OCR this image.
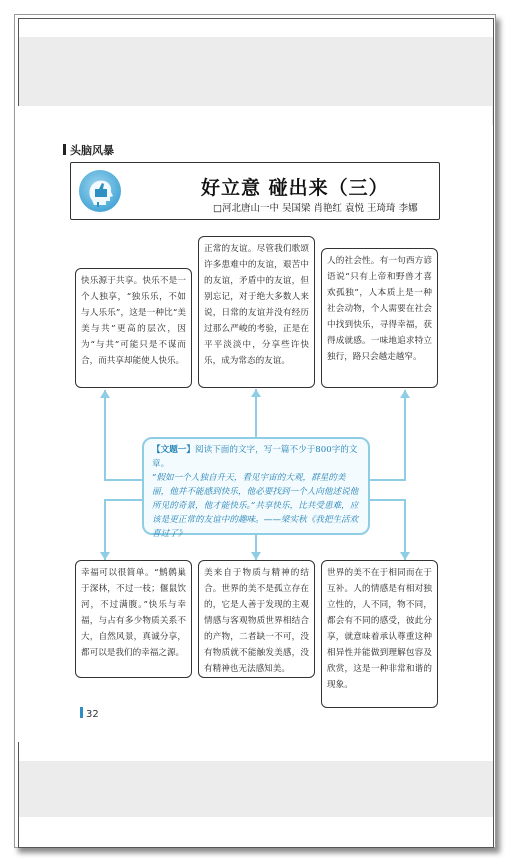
头脑风暴
好立意 碰出来（三）
□河北唐山一中 吴国梁 肖艳红 袁悦 王琦琦 李娜
快乐源于共享。快乐不是一个人独享，“独乐乐，不如与人乐乐”，这是一种比“美美与共”更高的层次，因为“与共”可能只是不谋而合，而共享却能使人快乐。
正常的友谊。尽管我们歌颂许多患难中的友谊，艰苦中的友谊，矛盾中的友谊，但别忘记，对于绝大多数人来说，日常的友谊并没有经历过那么严峻的考验，正是在平平淡淡中，分享些许快乐，成为常态的友谊。
人的社会性。有一句西方谚语说“只有上帝和野兽才喜欢孤独”，人本质上是一种社会动物，个人需要在社会中找到快乐，寻得幸福，获得成就感。一味地追求特立独行，路只会越走越窄。
【文题一】阅读下面的文字，写一篇不少于800字的文章。
“假如一个人独自升天，看见宇宙的大观，群星的美丽，他并不能感到快乐，他必要找到一个人向他述说他所见的奇景，他才能快乐。”共享快乐，比共受患难，应该是更正常的友谊中的趣味。——梁实秋《我把生活欢喜过了》
幸福可以很简单。“鹪鹩巢于深林，不过一枝；偃鼠饮河，不过满腹。”快乐与幸福，与占有多少物质关系不大，自然风景，真诚分享，都可以是我们的幸福之源。
美来自于物质与精神的结合。世界的美不是孤立存在的，它是人善于发现的主观情感与客观物质世界相结合的产物，二者缺一不可，没有物质就不能触发美感，没有精神也无法感知美。
世界的美不在于相同而在于互补。人的情感是有相对独立性的，人不同，物不同，都会有不同的感受，彼此分享，就意味着承认尊重这种相异性并能做到理解包容及欣赏，这是一种非常和谐的现象。
32
